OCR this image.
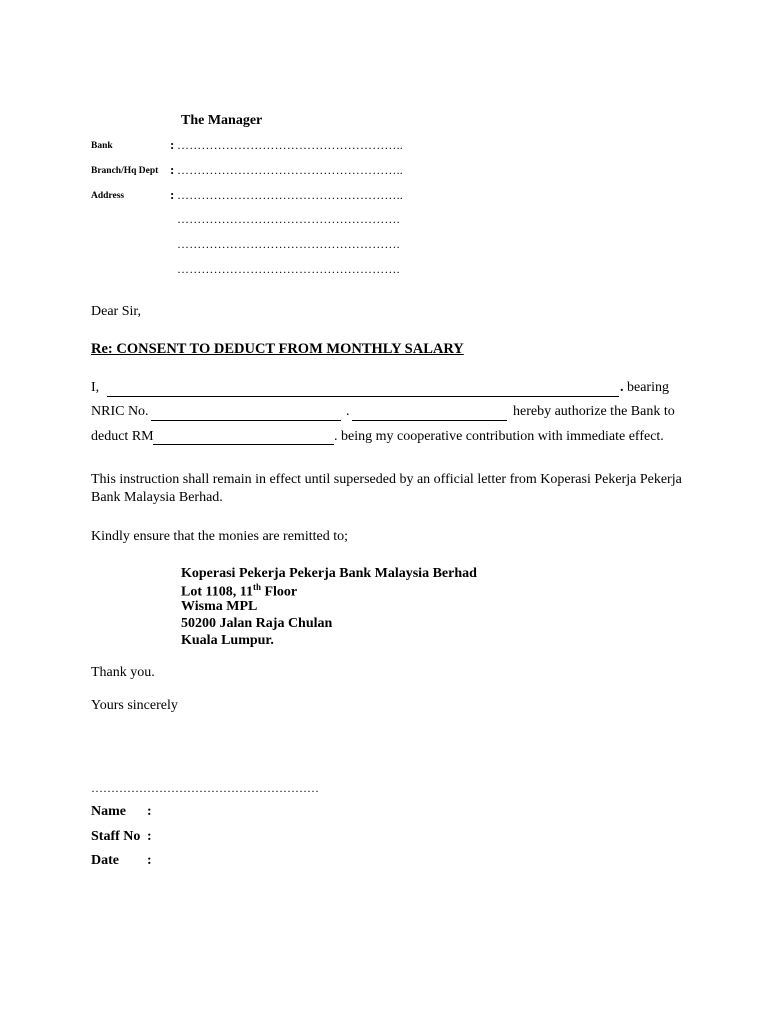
The Manager
Bank	: ………………………………………………..
Branch/Hq Dept : ………………………………………………..
Address	: ………………………………………………..
……………………………………………….
……………………………………………….
……………………………………………….
Dear Sir,
Re: CONSENT TO DEDUCT FROM MONTHLY SALARY
I,	. bearing
NRIC No.	.	hereby authorize the Bank to
deduct RM	. being my cooperative contribution with immediate effect.
This instruction shall remain in effect until superseded by an official letter from Koperasi Pekerja Pekerja
Bank Malaysia Berhad.
Kindly ensure that the monies are remitted to;
Koperasi Pekerja Pekerja Bank Malaysia Berhad
Lot 1108, 11th Floor
Wisma MPL
50200 Jalan Raja Chulan
Kuala Lumpur.
Thank you.
Yours sincerely
…………………………………………………
Name :
Staff No :
Date :
